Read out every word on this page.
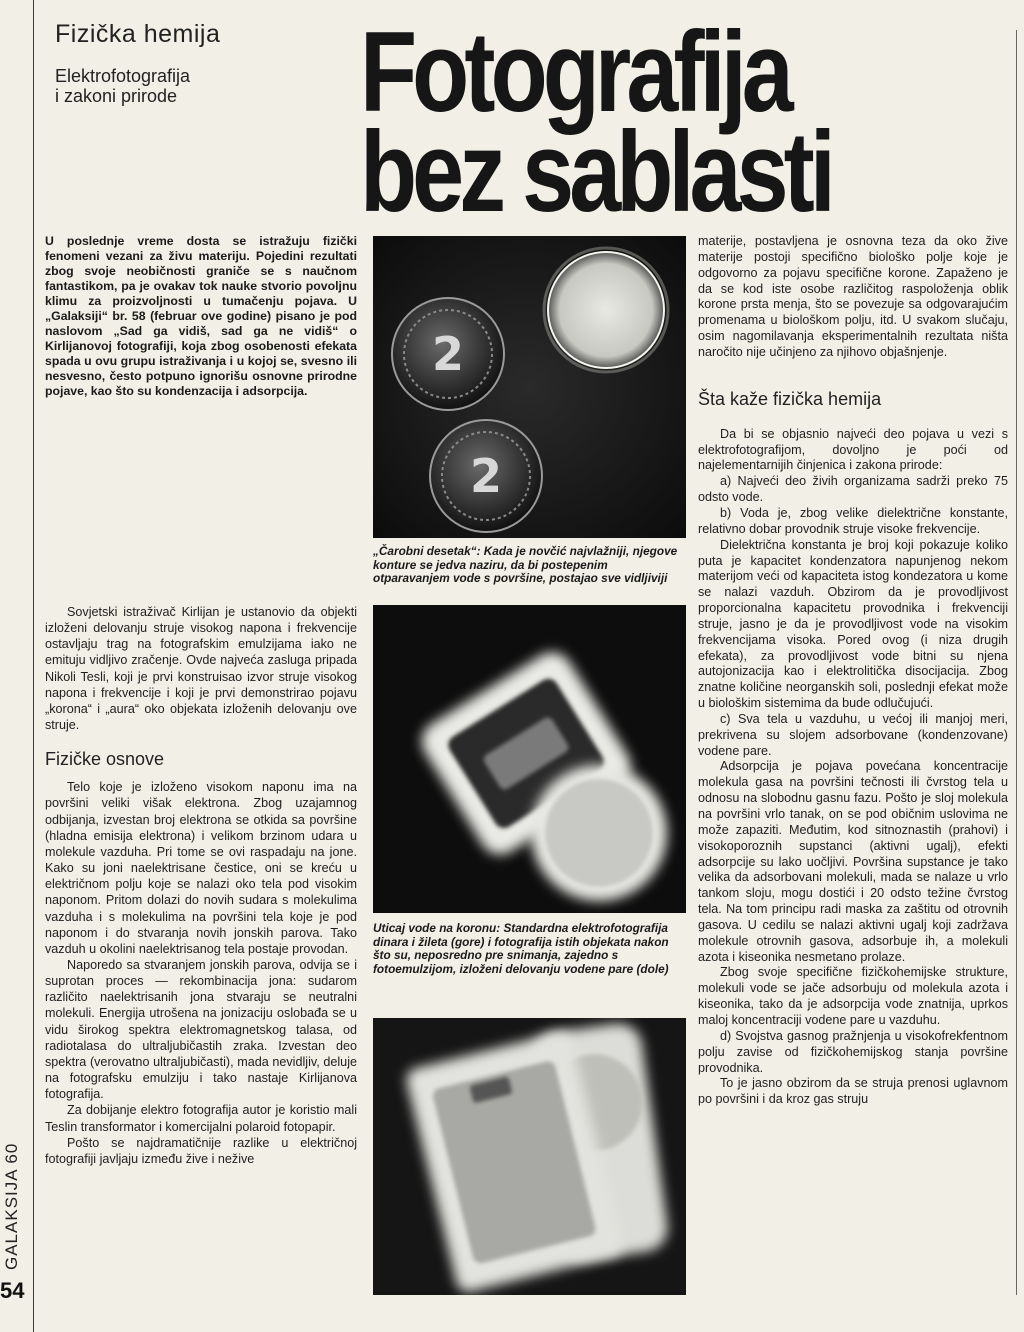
GALAKSIJA 60
54
Fizička hemija
Elektrofotografija
i zakoni prirode	Fotografija
bez sablasti
U poslednje vreme dosta se istražuju fizički fenomeni vezani za živu materiju. Pojedini rezultati zbog svoje neobičnosti graniče se s naučnom fantastikom, pa je ovakav tok nauke stvorio povoljnu klimu za proizvoljnosti u tumačenju pojava. U „Galaksiji“ br. 58 (februar ove godine) pisano je pod naslovom „Sad ga vidiš, sad ga ne vidiš“ o Kirlijanovoj fotografiji, koja zbog osobenosti efekata spada u ovu grupu istraživanja i u kojoj se, svesno ili nesvesno, često potpuno ignorišu osnovne prirodne pojave, kao što su kondenzacija i adsorpcija.

Sovjetski istraživač Kirlijan je ustanovio da objekti izloženi delovanju struje visokog napona i frekvencije ostavljaju trag na fotografskim emulzijama iako ne emituju vidljivo zračenje. Ovde najveća zasluga pripada Nikoli Tesli, koji je prvi konstruisao izvor struje visokog napona i frekvencije i koji je prvi demonstrirao pojavu „korona“ i „aura“ oko objekata izloženih delovanju ove struje.

Fizičke osnove

Telo koje je izloženo visokom naponu ima na površini veliki višak elektrona. Zbog uzajamnog odbijanja, izvestan broj elektrona se otkida sa površine (hladna emisija elektrona) i velikom brzinom udara u molekule vazduha. Pri tome se ovi raspadaju na jone. Kako su joni naelektrisane čestice, oni se kreću u električnom polju koje se nalazi oko tela pod visokim naponom. Pritom dolazi do novih sudara s molekulima vazduha i s molekulima na površini tela koje je pod naponom i do stvaranja novih jonskih parova. Tako vazduh u okolini naelektrisanog tela postaje provodan.

Naporedo sa stvaranjem jonskih parova, odvija se i suprotan proces — rekombinacija jona: sudarom različito naelektrisanih jona stvaraju se neutralni molekuli. Energija utrošena na jonizaciju oslobađa se u vidu širokog spektra elektromagnetskog talasa, od radiotalasa do ultraljubičastih zraka. Izvestan deo spektra (verovatno ultraljubičasti), mada nevidljiv, deluje na fotografsku emulziju i tako nastaje Kirlijanova fotografija.

Za dobijanje elektro fotografija autor je koristio mali Teslin transformator i komercijalni polaroid fotopapir.

Pošto se najdramatičnije razlike u električnoj fotografiji javljaju između žive i nežive

2
2
„Čarobni desetak“: Kada je novčić najvlažniji, njegove konture se jedva naziru, da bi postepenim otparavanjem vode s površine, postajao sve vidljiviji
Uticaj vode na koronu: Standardna elektrofotografija dinara i žileta (gore) i fotografija istih objekata nakon što su, neposredno pre snimanja, zajedno s fotoemulzijom, izloženi delovanju vodene pare (dole)

materije, postavljena je osnovna teza da oko žive materije postoji specifično biološko polje koje je odgovorno za pojavu specifične korone. Zapaženo je da se kod iste osobe različitog raspoloženja oblik korone prsta menja, što se povezuje sa odgovarajućim promenama u biološkom polju, itd. U svakom slučaju, osim nagomilavanja eksperimentalnih rezultata ništa naročito nije učinjeno za njihovo objašnjenje.

Šta kaže fizička hemija

Da bi se objasnio najveći deo pojava u vezi s elektrofotografijom, dovoljno je poći od najelementarnijih činjenica i zakona prirode:

a) Najveći deo živih organizama sadrži preko 75 odsto vode.

b) Voda je, zbog velike dielektrične konstante, relativno dobar provodnik struje visoke frekvencije.

Dielektrična konstanta je broj koji pokazuje koliko puta je kapacitet kondenzatora napunjenog nekom materijom veći od kapaciteta istog kondezatora u kome se nalazi vazduh. Obzirom da je provodljivost proporcionalna kapacitetu provodnika i frekvenciji struje, jasno je da je provodljivost vode na visokim frekvencijama visoka. Pored ovog (i niza drugih efekata), za provodljivost vode bitni su njena autojonizacija kao i elektrolitička disocijacija. Zbog znatne količine neorganskih soli, poslednji efekat može u biološkim sistemima da bude odlučujući.

c) Sva tela u vazduhu, u većoj ili manjoj meri, prekrivena su slojem adsorbovane (kondenzovane) vodene pare.

Adsorpcija je pojava povećana koncentracije molekula gasa na površini tečnosti ili čvrstog tela u odnosu na slobodnu gasnu fazu. Pošto je sloj molekula na površini vrlo tanak, on se pod običnim uslovima ne može zapaziti. Međutim, kod sitnoznastih (prahovi) i visokoporoznih supstanci (aktivni ugalj), efekti adsorpcije su lako uočljivi. Površina supstance je tako velika da adsorbovani molekuli, mada se nalaze u vrlo tankom sloju, mogu dostići i 20 odsto težine čvrstog tela. Na tom principu radi maska za zaštitu od otrovnih gasova. U cedilu se nalazi aktivni ugalj koji zadržava molekule otrovnih gasova, adsorbuje ih, a molekuli azota i kiseonika nesmetano prolaze.

Zbog svoje specifične fizičkohemijske strukture, molekuli vode se jače adsorbuju od molekula azota i kiseonika, tako da je adsorpcija vode znatnija, uprkos maloj koncentraciji vodene pare u vazduhu.

d) Svojstva gasnog pražnjenja u visokofrekfentnom polju zavise od fizičkohemijskog stanja površine provodnika.

To je jasno obzirom da se struja prenosi uglavnom po površini i da kroz gas struju
